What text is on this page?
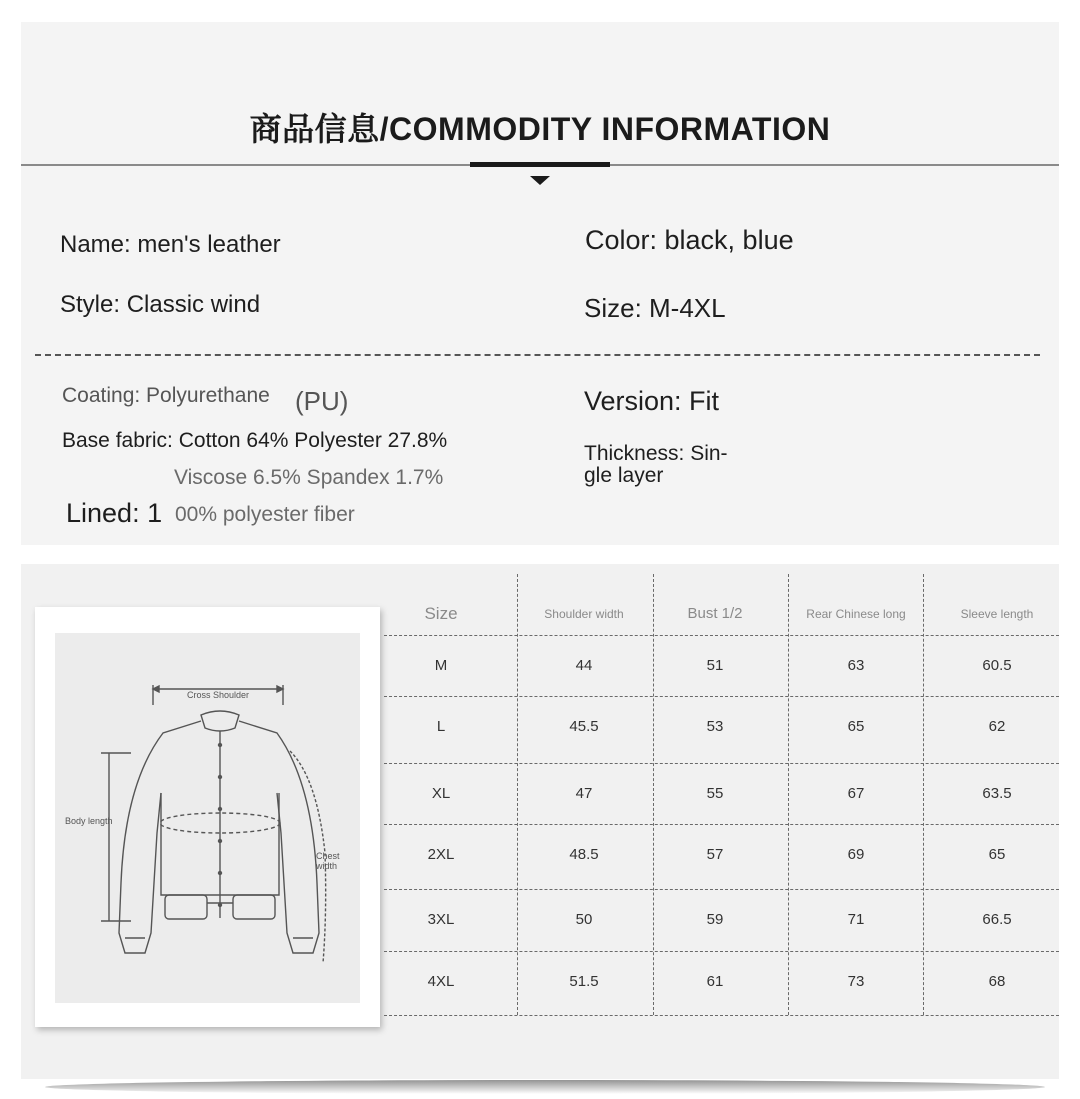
商品信息/COMMODITY INFORMATION
Name: men's leather	Color: black, blue
Style: Classic wind	Size: M-4XL
Coating: Polyurethane (PU)	Version: Fit
Base fabric: Cotton 64% Polyester 27.8%
Viscose 6.5% Spandex 1.7%
Thickness: Sin-
gle layer
Lined: 1 00% polyester fiber
Cross Shoulder
Body length
Chest width
Size	Shoulder width	Bust 1/2	Rear Chinese long	Sleeve length
M	44	51	63	60.5
L	45.5	53	65	62
XL	47	55	67	63.5
2XL	48.5	57	69	65
3XL	50	59	71	66.5
4XL	51.5	61	73	68
